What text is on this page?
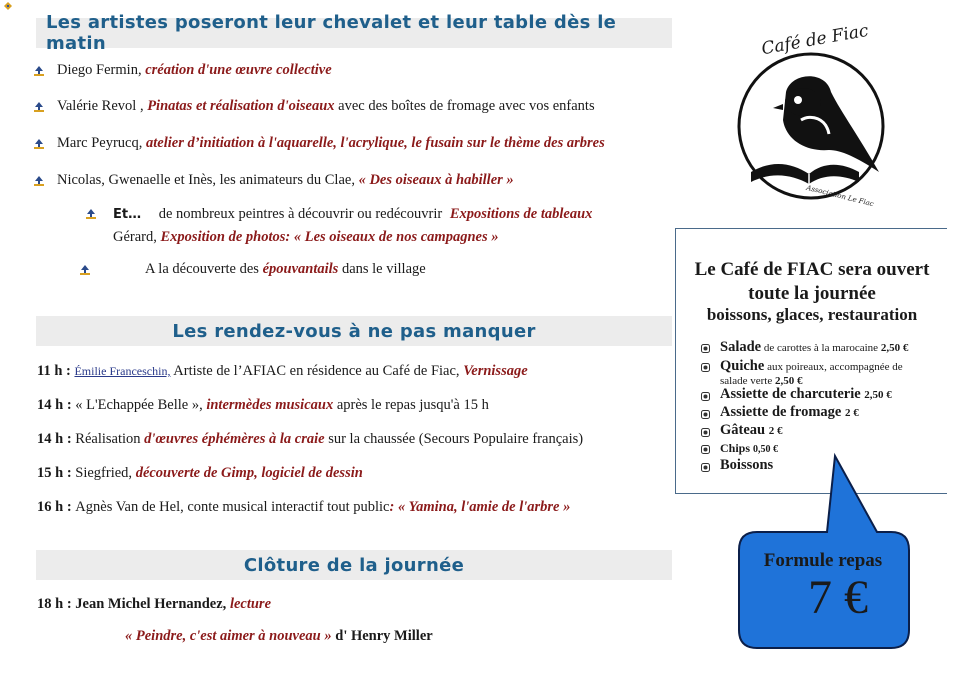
Les artistes poseront leur chevalet et leur table dès le matin
Diego Fermin, création d'une œuvre collective
Valérie Revol , Pinatas et réalisation d'oiseaux avec des boîtes de fromage avec vos enfants
Marc Peyrucq, atelier d’initiation à l'aquarelle, l'acrylique, le fusain sur le thème des arbres
Nicolas, Gwenaelle et Inès, les animateurs du Clae, « Des oiseaux à habiller »
Et… de nombreux peintres à découvrir ou redécouvrir Expositions de tableaux
Gérard, Exposition de photos: « Les oiseaux de nos campagnes »
A la découverte des épouvantails dans le village
Les rendez-vous à ne pas manquer
11 h : Émilie Franceschin, Artiste de l’AFIAC en résidence au Café de Fiac, Vernissage
14 h : « L'Echappée Belle », intermèdes musicaux après le repas jusqu'à 15 h
14 h : Réalisation d'œuvres éphémères à la craie sur la chaussée (Secours Populaire français)
15 h : Siegfried, découverte de Gimp, logiciel de dessin
16 h : Agnès Van de Hel, conte musical interactif tout public: « Yamina, l'amie de l'arbre »
Clôture de la journée
18 h : Jean Michel Hernandez, lecture
« Peindre, c'est aimer à nouveau » d' Henry Miller
Café de Fiac
Association Le Fiac
Le Café de FIAC sera ouvert
toute la journée
boissons, glaces, restauration
Salade de carottes à la marocaine 2,50 €
Quiche aux poireaux, accompagnée de
salade verte 2,50 €
Assiette de charcuterie 2,50 €
Assiette de fromage 2 €
Gâteau 2 €
Chips 0,50 €
Boissons
Formule repas
7 €
